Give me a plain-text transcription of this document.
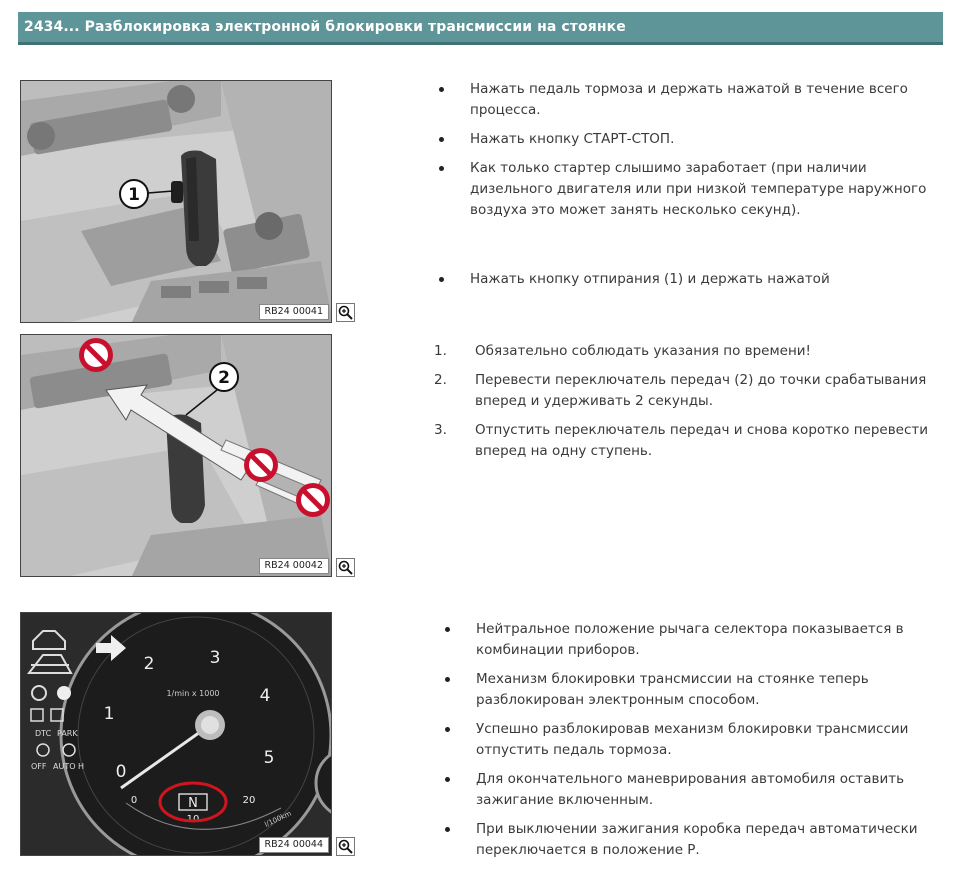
2434... Разблокировка электронной блокировки трансмиссии на стоянке
1
RB24 00041
2
RB24 00042
0
1
2	3
4
5
1/min x 1000
0
10
20
l/100km
N
DTC PARK
OFF AUTO H
RB24 00044
Нажать педаль тормоза и держать нажатой в течение всего процесса.
Нажать кнопку СТАРТ-СТОП.
Как только стартер слышимо заработает (при наличии дизельного двигателя или при низкой температуре наружного воздуха это может занять несколько секунд).
Нажать кнопку отпирания (1) и держать нажатой
1. Обязательно соблюдать указания по времени!
2. Перевести переключатель передач (2) до точки срабатывания вперед и удерживать 2 секунды.
3. Отпустить переключатель передач и снова коротко перевести вперед на одну ступень.
Нейтральное положение рычага селектора показывается в комбинации приборов.
Механизм блокировки трансмиссии на стоянке теперь разблокирован электронным способом.
Успешно разблокировав механизм блокировки трансмиссии отпустить педаль тормоза.
Для окончательного маневрирования автомобиля оставить зажигание включенным.
При выключении зажигания коробка передач автоматически переключается в положение Р.
